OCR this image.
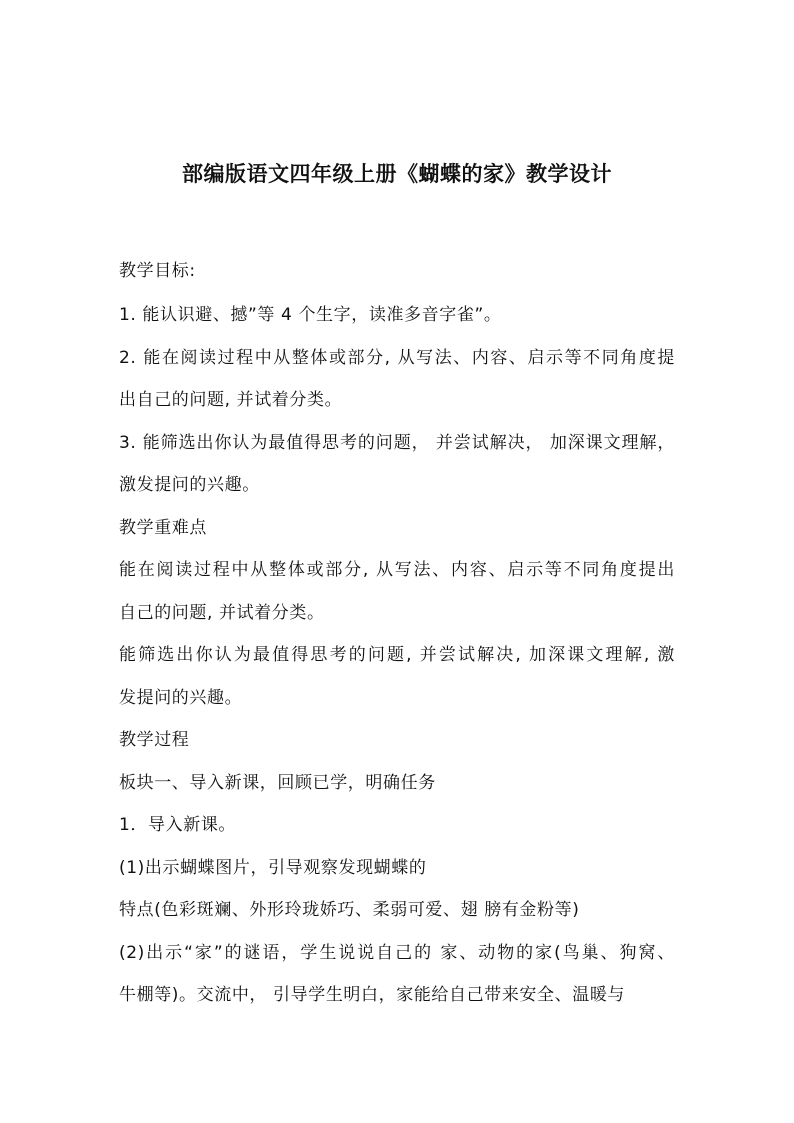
部编版语文四年级上册《蝴蝶的家》教学设计

教学目标:

1. 能认识避、撼”等 4 个生字，读准多音字雀”。

2. 能在阅读过程中从整体或部分, 从写法、内容、启示等不同角度提

出自己的问题, 并试着分类。

3. 能筛选出你认为最值得思考的问题， 并尝试解决， 加深课文理解，

激发提问的兴趣。

教学重难点

能在阅读过程中从整体或部分, 从写法、内容、启示等不同角度提出

自己的问题, 并试着分类。

能筛选出你认为最值得思考的问题, 并尝试解决, 加深课文理解, 激

发提问的兴趣。

教学过程

板块一、导入新课，回顾已学，明确任务

1．导入新课。

(1)出示蝴蝶图片，引导观察发现蝴蝶的

特点(色彩斑斓、外形玲珑娇巧、柔弱可爱、翅 膀有金粉等)

(2)出示“家”的谜语，学生说说自己的 家、动物的家(鸟巢、狗窝、

牛棚等)。交流中， 引导学生明白，家能给自己带来安全、温暖与
